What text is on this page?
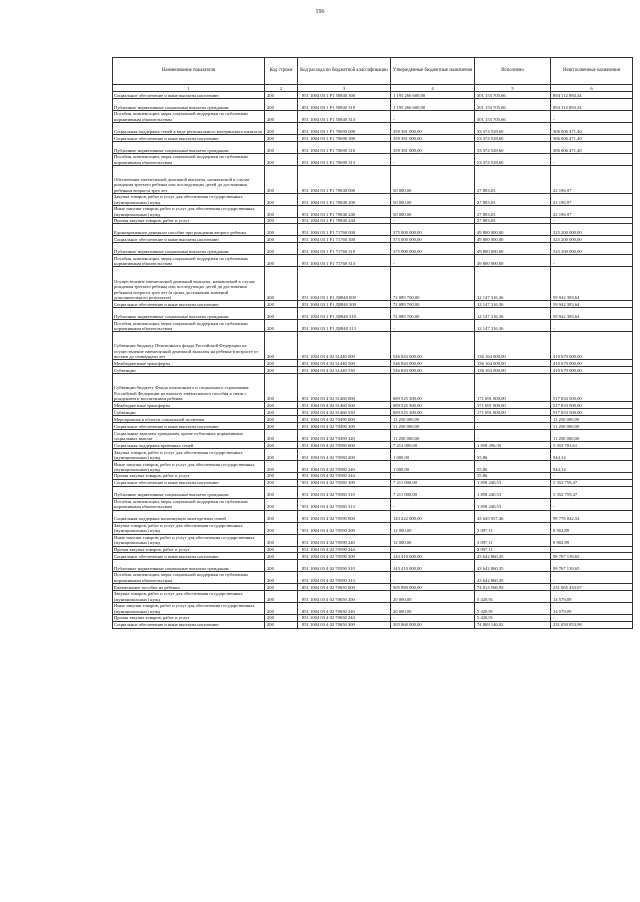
196
Наименование показателя	Код строки	Код расхода по бюджетной классификации	Утвержденные бюджетные назначения	Исполнено	Неисполненные назначения
1	2	3	4	5	6
Социальное обеспечение и иные выплаты населению	200	851 1004 03 1 Р1 50840 300	1 195 266 600,00	301 153 705,66	894 112 894,34
Публичные нормативные социальные выплаты гражданам	200	851 1004 03 1 Р1 50840 310	1 195 266 600,00	301 153 705,66	894 112 894,34
Пособия, компенсации, меры социальной поддержки по публичным нормативным обязательствам	200	851 1004 03 1 Р1 50840 313	-	301 153 705,66	-
Социальная поддержка семей в виде регионального материнского капитала	200	851 1004 03 1 Р1 70690 000	359 381 000,00	53 374 528,60	306 006 471,40
Социальное обеспечение и иные выплаты населению	200	851 1004 03 1 Р1 70690 300	359 381 000,00	53 374 528,60	306 006 471,40
Публичные нормативные социальные выплаты гражданам	200	851 1004 03 1 Р1 70690 310	359 381 000,00	53 374 528,60	306 006 471,40
Пособия, компенсации, меры социальной поддержки по публичным нормативным обязательствам	200	851 1004 03 1 Р1 70690 313	-	53 374 528,60	-
Обеспечение ежемесячной денежной выплаты, назначаемой в случае рождения третьего ребенка или последующих детей до достижения ребенком возраста трех лет	200	851 1004 03 1 Р1 70840 000	50 000,00	27 803,03	22 196,97
Закупка товаров, работ и услуг для обеспечения государственных (муниципальных) нужд	200	851 1004 03 1 Р1 70840 200	50 000,00	27 803,03	22 196,97
Иные закупки товаров, работ и услуг для обеспечения государственных (муниципальных) нужд	200	851 1004 03 1 Р1 70840 240	50 000,00	27 803,03	22 196,97
Прочая закупка товаров, работ и услуг	200	851 1004 03 1 Р1 70840 244	-	27 803,03	-
Единовременное денежное пособие при рождении второго ребенка	200	851 1004 03 1 Р1 71760 000	375 000 000,00	49 800 000,00	325 200 000,00
Социальное обеспечение и иные выплаты населению	200	851 1004 03 1 Р1 71760 300	375 000 000,00	49 800 000,00	325 200 000,00
Публичные нормативные социальные выплаты гражданам	200	851 1004 03 1 Р1 71760 310	375 000 000,00	49 800 000,00	325 200 000,00
Пособия, компенсации, меры социальной поддержки по публичным нормативным обязательствам	200	851 1004 03 1 Р1 71760 313	-	49 800 000,00	-
Осуществление ежемесячной денежной выплаты, назначаемой в случае рождения третьего ребенка или последующих детей до достижения ребенком возраста трех лет (в целях достижения значений дополнительного результата)	200	851 1004 03 1 Р1 Д0840 000	72 089 700,00	12 147 316,36	59 942 383,64
Социальное обеспечение и иные выплаты населению	200	851 1004 03 1 Р1 Д0840 300	72 089 700,00	12 147 316,36	59 942 383,64
Публичные нормативные социальные выплаты гражданам	200	851 1004 03 1 Р1 Д0840 310	72 089 700,00	12 147 316,36	59 942 383,64
Пособия, компенсации, меры социальной поддержки по публичным нормативным обязательствам	200	851 1004 03 1 Р1 Д0840 313	-	12 147 316,36	-
Субвенции бюджету Пенсионного фонда Российской Федерации на осуществление ежемесячной денежной выплаты на ребенка в возрасте от восьми до семнадцати лет	200	851 1004 03 4 02 31440 000	546 843 000,00	136 164 000,00	410 679 000,00
Межбюджетные трансферты	200	851 1004 03 4 02 31440 500	546 843 000,00	136 164 000,00	410 679 000,00
Субвенции	200	851 1004 03 4 02 31440 530	546 843 000,00	136 164 000,00	410 679 000,00
Субвенции бюджету Фонда пенсионного и социального страхования Российской Федерации на выплату ежемесячного пособия в связи с рождением и воспитанием ребенка	200	851 1004 03 4 02 31460 000	689 525 300,00	171 691 800,00	517 833 500,00
Межбюджетные трансферты	200	851 1004 03 4 02 31460 500	689 525 300,00	171 691 800,00	517 833 500,00
Субвенции	200	851 1004 03 4 02 31460 530	689 525 300,00	171 691 800,00	517 833 500,00
Мероприятия в области социальной политики	200	851 1004 03 4 02 70490 000	11 250 000,00	-	11 250 000,00
Социальное обеспечение и иные выплаты населению	200	851 1004 03 4 02 70490 300	11 250 000,00	-	11 250 000,00
Социальные выплаты гражданам, кроме публичных нормативных социальных выплат	200	851 1004 03 4 02 70490 320	11 250 000,00	-	11 250 000,00
Социальная поддержка приемных семей	200	851 1004 03 4 02 70580 000	7 212 000,00	1 858 296,39	5 353 703,61
Закупка товаров, работ и услуг для обеспечения государственных (муниципальных) нужд	200	851 1004 03 4 02 70580 200	1 000,00	55,86	944,14
Иные закупки товаров, работ и услуг для обеспечения государственных (муниципальных) нужд	200	851 1004 03 4 02 70580 240	1 000,00	55,86	944,14
Прочая закупка товаров, работ и услуг	200	851 1004 03 4 02 70580 244	-	55,86	-
Социальное обеспечение и иные выплаты населению	200	851 1004 03 4 02 70580 300	7 211 000,00	1 858 240,53	5 352 759,47
Публичные нормативные социальные выплаты гражданам	200	851 1004 03 4 02 70580 310	7 211 000,00	1 858 240,53	5 352 759,47
Пособия, компенсации, меры социальной поддержки по публичным нормативным обязательствам	200	851 1004 03 4 02 70580 313	-	1 858 240,53	-
Социальная поддержка малоимущих многодетных семей	200	851 1004 03 4 02 70590 000	143 422 000,00	43 645 957,46	99 776 042,54
Закупка товаров, работ и услуг для обеспечения государственных (муниципальных) нужд	200	851 1004 03 4 02 70590 200	12 000,00	3 097,11	8 902,89
Иные закупки товаров, работ и услуг для обеспечения государственных (муниципальных) нужд	200	851 1004 03 4 02 70590 240	12 000,00	3 097,11	8 902,89
Прочая закупка товаров, работ и услуг	200	851 1004 03 4 02 70590 244	-	3 097,11	-
Социальное обеспечение и иные выплаты населению	200	851 1004 03 4 02 70590 300	143 410 000,00	43 642 860,35	99 767 139,65
Публичные нормативные социальные выплаты гражданам	200	851 1004 03 4 02 70590 310	143 410 000,00	43 642 860,35	99 767 139,65
Пособия, компенсации, меры социальной поддержки по публичным нормативным обязательствам	200	851 1004 03 4 02 70590 313	-	43 642 860,35	-
Ежемесячное пособие на ребенка	200	851 1004 03 4 02 70650 000	305 880 000,00	74 814 566,93	231 065 433,07
Закупка товаров, работ и услуг для обеспечения государственных (муниципальных) нужд	200	851 1004 03 4 02 70650 200	20 000,00	5 420,91	14 579,09
Иные закупки товаров, работ и услуг для обеспечения государственных (муниципальных) нужд	200	851 1004 03 4 02 70650 240	20 000,00	5 420,91	14 579,09
Прочая закупка товаров, работ и услуг	200	851 1004 03 4 02 70650 244	-	5 420,91	-
Социальное обеспечение и иные выплаты населению	200	851 1004 03 4 02 70650 300	305 860 000,00	74 809 146,02	231 050 853,98
